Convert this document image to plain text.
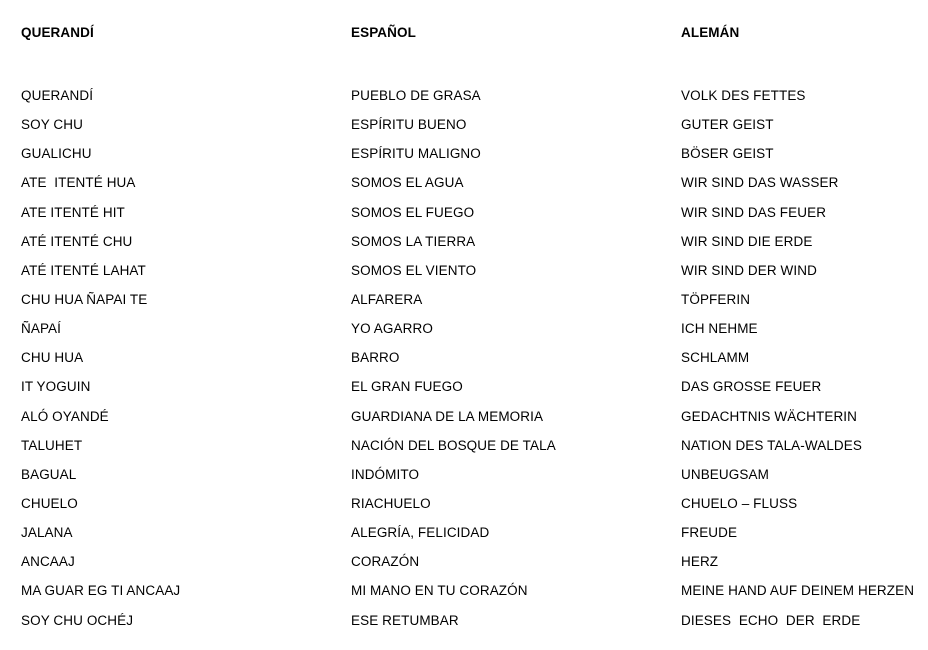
QUERANDÍ	ESPAÑOL	ALEMÁN
QUERANDÍ	PUEBLO DE GRASA	VOLK DES FETTES
SOY CHU	ESPÍRITU BUENO	GUTER GEIST
GUALICHU	ESPÍRITU MALIGNO	BÖSER GEIST
ATE  ITENTÉ HUA	SOMOS EL AGUA	WIR SIND DAS WASSER
ATE ITENTÉ HIT	SOMOS EL FUEGO	WIR SIND DAS FEUER
ATÉ ITENTÉ CHU	SOMOS LA TIERRA	WIR SIND DIE ERDE
ATÉ ITENTÉ LAHAT	SOMOS EL VIENTO	WIR SIND DER WIND
CHU HUA ÑAPAI TE	ALFARERA	TÖPFERIN
ÑAPAÍ	YO AGARRO	ICH NEHME
CHU HUA	BARRO	SCHLAMM
IT YOGUIN	EL GRAN FUEGO	DAS GROSSE FEUER
ALÓ OYANDÉ	GUARDIANA DE LA MEMORIA	GEDACHTNIS WÄCHTERIN
TALUHET	NACIÓN DEL BOSQUE DE TALA	NATION DES TALA-WALDES
BAGUAL	INDÓMITO	UNBEUGSAM
CHUELO	RIACHUELO	CHUELO – FLUSS
JALANA	ALEGRÍA, FELICIDAD	FREUDE
ANCAAJ	CORAZÓN	HERZ
MA GUAR EG TI ANCAAJ	MI MANO EN TU CORAZÓN	MEINE HAND AUF DEINEM HERZEN
SOY CHU OCHÉJ	ESE RETUMBAR	DIESES  ECHO  DER  ERDE
